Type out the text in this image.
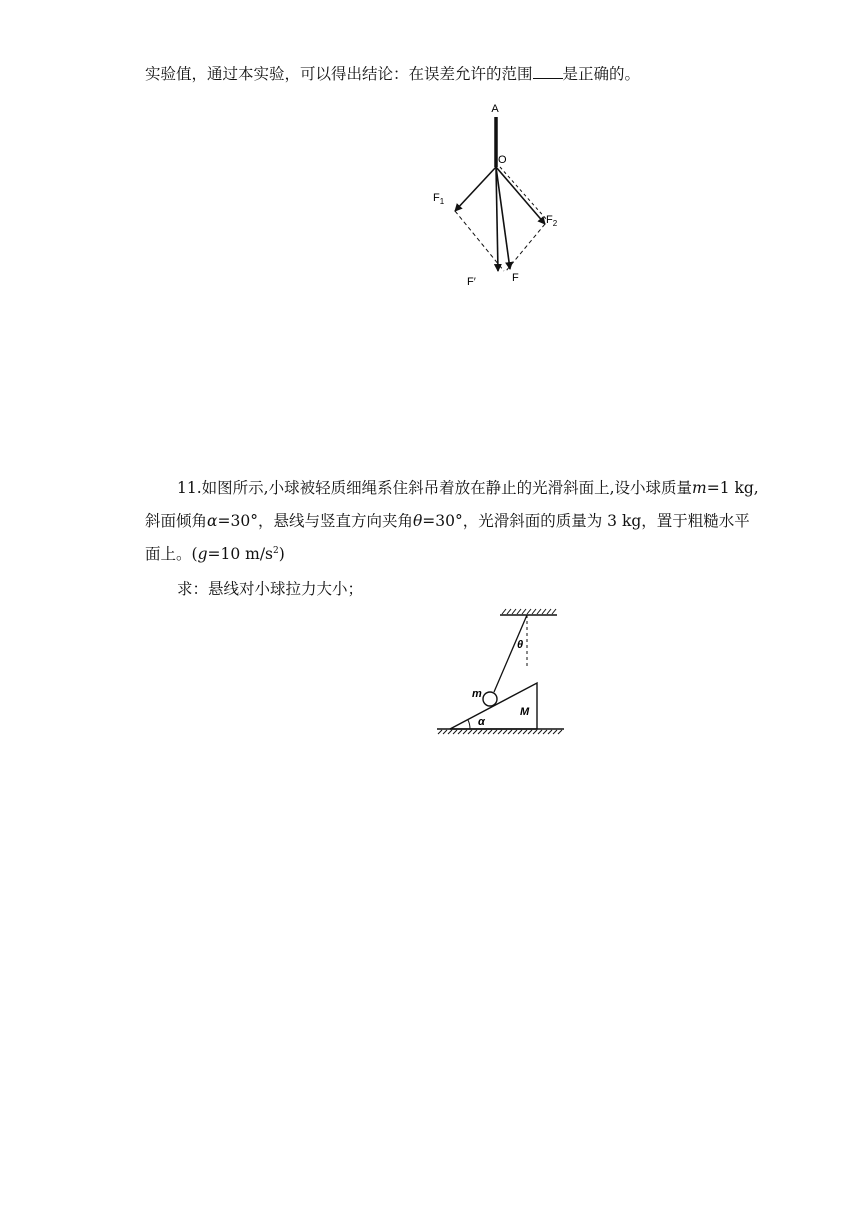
实验值，通过本实验，可以得出结论：在误差允许的范围 是正确的。
A
O
$F_1$
$F_2$
F′	F
11.如图所示,小球被轻质细绳系住斜吊着放在静止的光滑斜面上,设小球质量m=1 kg,
斜面倾角α=30°，悬线与竖直方向夹角θ=30°，光滑斜面的质量为 3 kg，置于粗糙水平
面上。(g=10 $m/s^2$)
求：悬线对小球拉力大小；
θ
m
M
α
